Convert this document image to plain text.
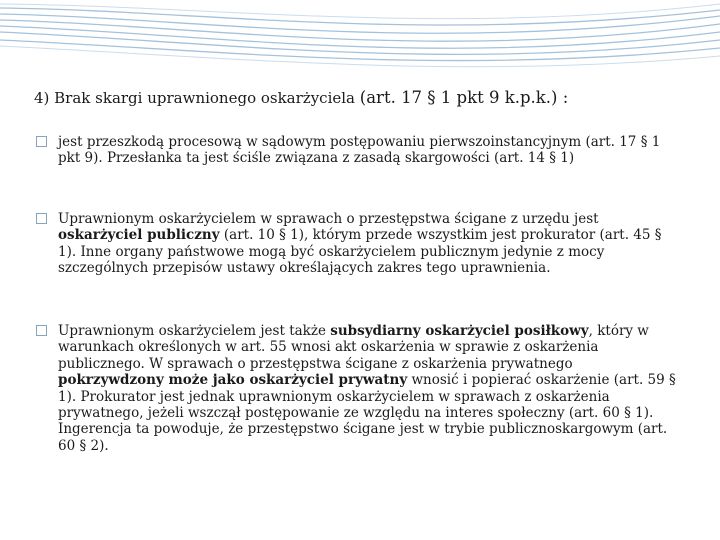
4) Brak skargi uprawnionego oskarżyciela (art. 17 § 1 pkt 9 k.p.k.) :
jest przeszkodą procesową w sądowym postępowaniu pierwszoinstancyjnym (art. 17 § 1 pkt 9). Przesłanka ta jest ściśle związana z zasadą skargowości (art. 14 § 1)
Uprawnionym oskarżycielem w sprawach o przestępstwa ścigane z urzędu jest oskarżyciel publiczny (art. 10 § 1), którym przede wszystkim jest prokurator (art. 45 § 1). Inne organy państwowe mogą być oskarżycielem publicznym jedynie z mocy szczególnych przepisów ustawy określających zakres tego uprawnienia.
Uprawnionym oskarżycielem jest także subsydiarny oskarżyciel posiłkowy, który w warunkach określonych w art. 55 wnosi akt oskarżenia w sprawie z oskarżenia publicznego. W sprawach o przestępstwa ścigane z oskarżenia prywatnego pokrzywdzony może jako oskarżyciel prywatny wnosić i popierać oskarżenie (art. 59 § 1). Prokurator jest jednak uprawnionym oskarżycielem w sprawach z oskarżenia prywatnego, jeżeli wszczął postępowanie ze względu na interes społeczny (art. 60 § 1). Ingerencja ta powoduje, że przestępstwo ścigane jest w trybie publicznoskargowym (art. 60 § 2).
